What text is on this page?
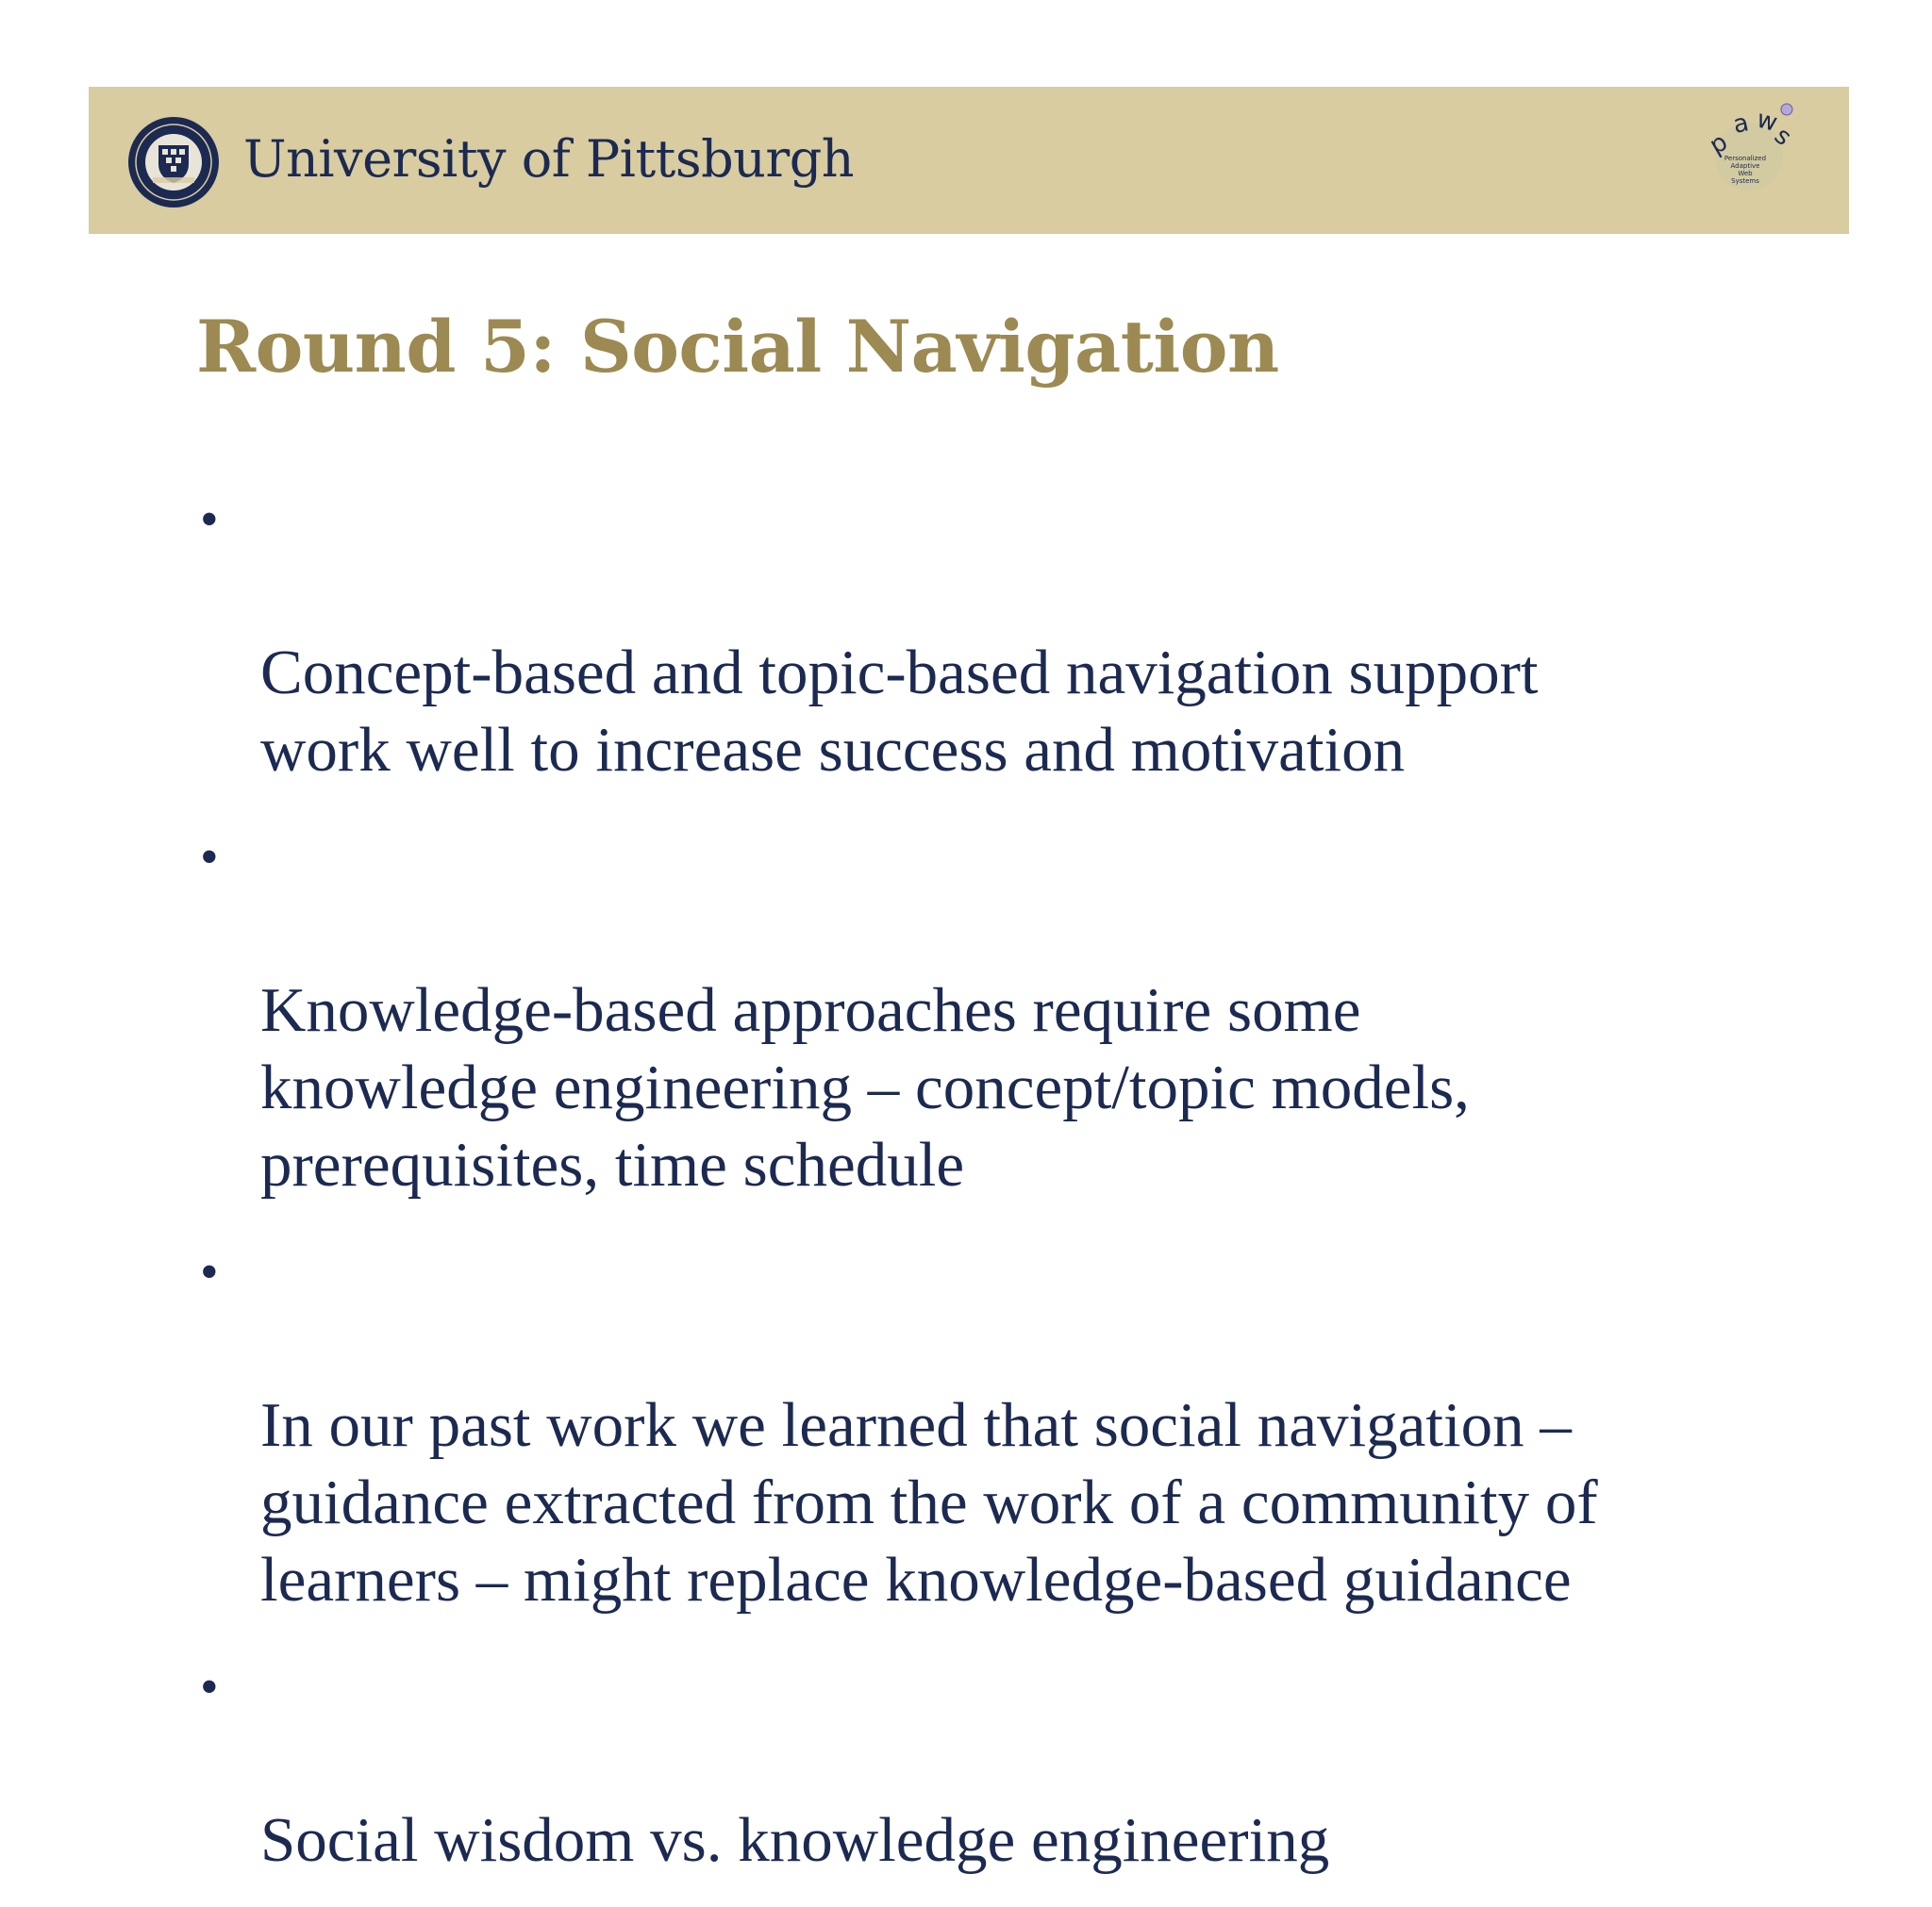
University of Pittsburgh	p
a w
s
Personalized
Adaptive
Web
Systems
Round 5: Social Navigation

•

Concept-based and topic-based navigation support
work well to increase success and motivation

•

Knowledge-based approaches require some
knowledge engineering – concept/topic models,
prerequisites, time schedule

•

In our past work we learned that social navigation –
guidance extracted from the work of a community of
learners – might replace knowledge-based guidance

•

Social wisdom vs. knowledge engineering
